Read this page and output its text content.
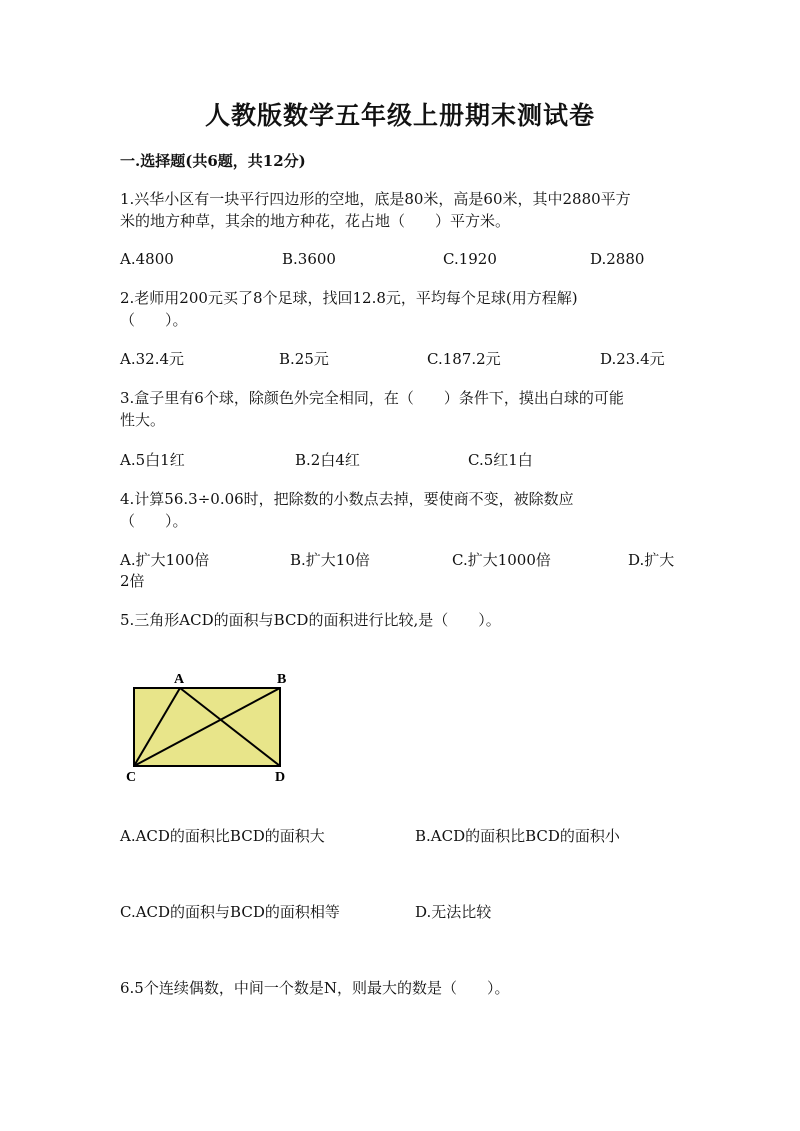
人教版数学五年级上册期末测试卷
一.选择题(共6题，共12分)
1.兴华小区有一块平行四边形的空地，底是80米，高是60米，其中2880平方
米的地方种草，其余的地方种花，花占地（　　）平方米。
A.4800	B.3600	C.1920	D.2880
2.老师用200元买了8个足球，找回12.8元，平均每个足球(用方程解)
（　　）。
A.32.4元	B.25元	C.187.2元	D.23.4元
3.盒子里有6个球，除颜色外完全相同，在（　　）条件下，摸出白球的可能
性大。
A.5白1红	B.2白4红	C.5红1白
4.计算56.3÷0.06时，把除数的小数点去掉，要使商不变，被除数应
（　　）。
A.扩大100倍	B.扩大10倍	C.扩大1000倍	D.扩大
2倍
5.三角形ACD的面积与BCD的面积进行比较,是（　　）。
A	B
C	D
A.ACD的面积比BCD的面积大	B.ACD的面积比BCD的面积小
C.ACD的面积与BCD的面积相等	D.无法比较
6.5个连续偶数，中间一个数是N，则最大的数是（　　）。
